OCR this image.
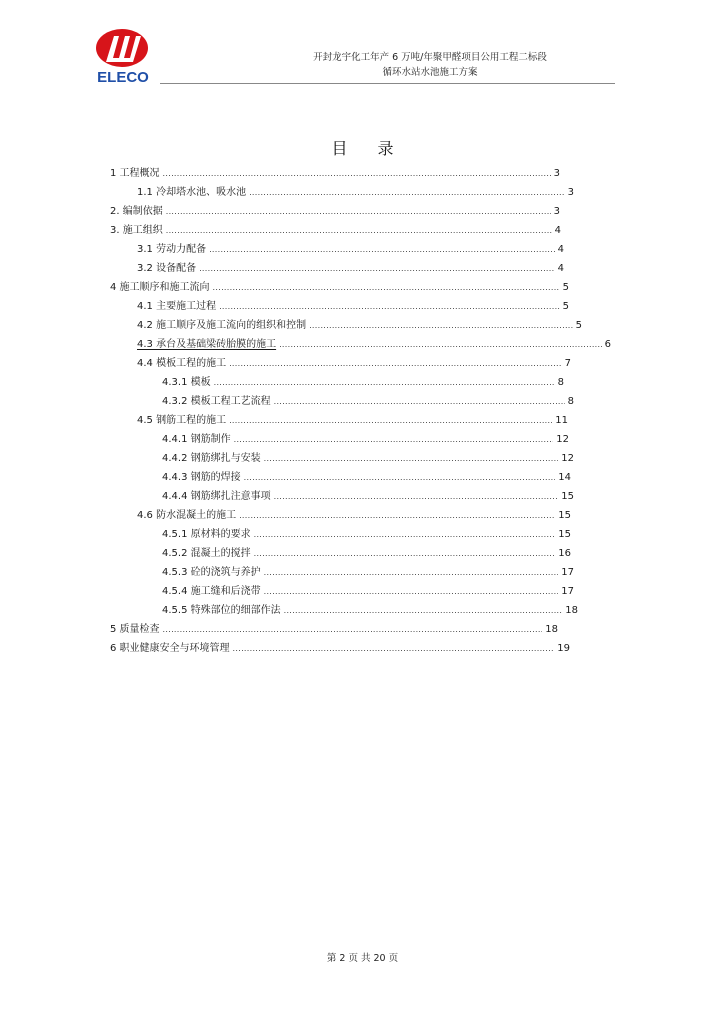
ELECO
开封龙宇化工年产 6 万吨/年聚甲醛项目公用工程二标段
循环水站水池施工方案
目录
1 工程概况 .....	3
1.1 冷却塔水池、吸水池 .....	3
2. 编制依据 .....	3
3. 施工组织 .....	4
3.1 劳动力配备 .....	4
3.2 设备配备 .....	4
4 施工顺序和施工流向 .....	5
4.1 主要施工过程 .....	5
4.2 施工顺序及施工流向的组织和控制 .....	5
4.3 承台及基础梁砖胎膜的施工 .....	6
4.4 模板工程的施工 .....	7
4.3.1 模板 .....	8
4.3.2 模板工程工艺流程 .....	8
4.5 钢筋工程的施工 .....	11
4.4.1 钢筋制作 .....	12
4.4.2 钢筋绑扎与安装 .....	12
4.4.3 钢筋的焊接 .....	14
4.4.4 钢筋绑扎注意事项 .....	15
4.6 防水混凝土的施工 .....	15
4.5.1 原材料的要求 .....	15
4.5.2 混凝土的搅拌 .....	16
4.5.3 砼的浇筑与养护 .....	17
4.5.4 施工缝和后浇带 .....	17
4.5.5 特殊部位的细部作法 .....	18
5 质量检查 .....	18
6 职业健康安全与环境管理 .....	19
第 2 页 共 20 页
